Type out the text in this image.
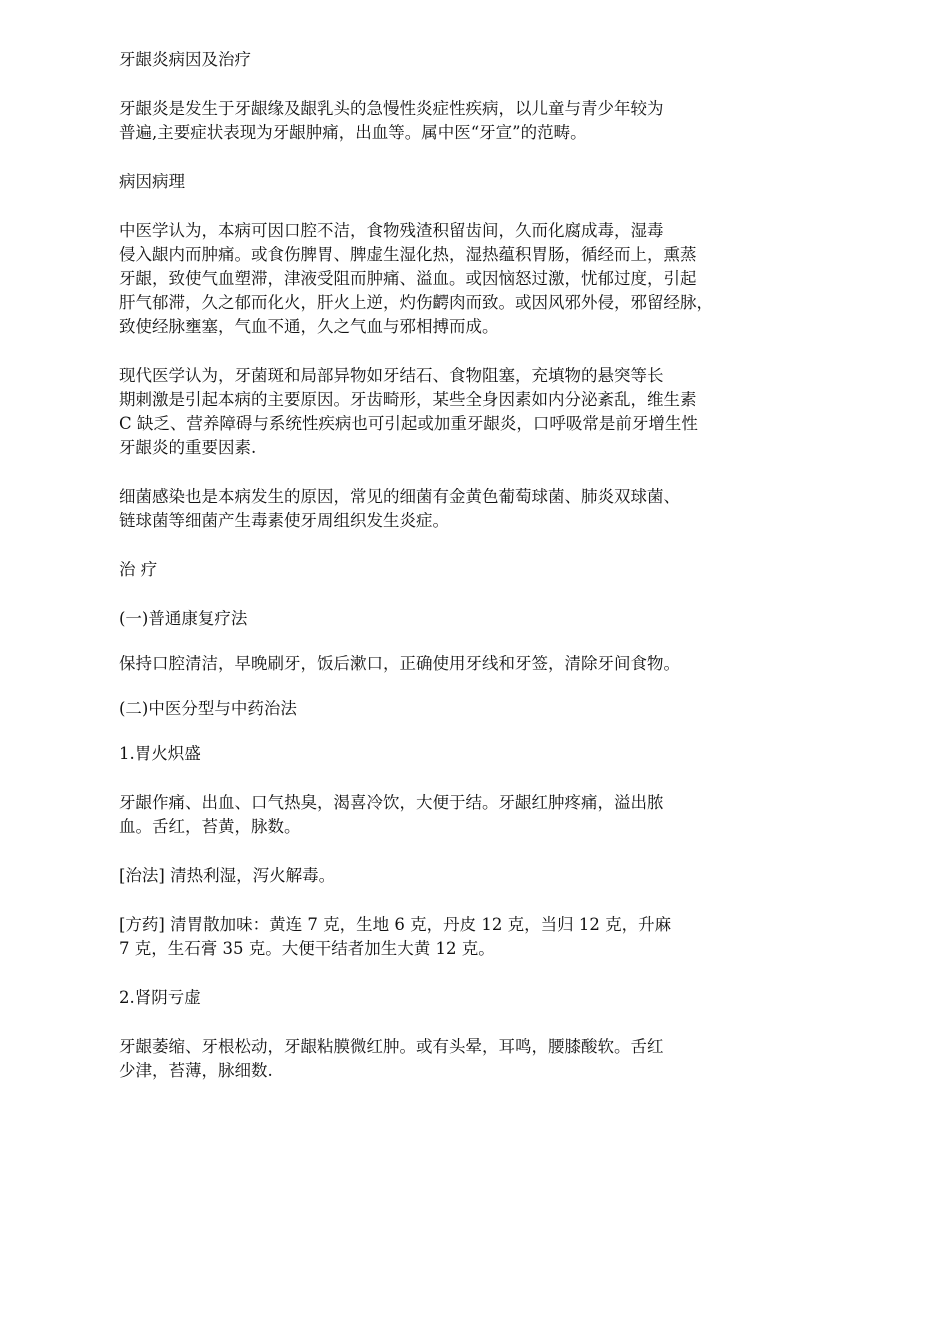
牙龈炎病因及治疗

牙龈炎是发生于牙龈缘及龈乳头的急慢性炎症性疾病，以儿童与青少年较为
普遍,主要症状表现为牙龈肿痛，出血等。属中医“牙宣”的范畴。

病因病理

中医学认为，本病可因口腔不洁，食物残渣积留齿间，久而化腐成毒，湿毒
侵入龈内而肿痛。或食伤脾胃、脾虚生湿化热，湿热蕴积胃肠，循经而上，熏蒸
牙龈，致使气血塑滞，津液受阻而肿痛、溢血。或因恼怒过激，忧郁过度，引起
肝气郁滞，久之郁而化火，肝火上逆，灼伤齶肉而致。或因风邪外侵，邪留经脉，
致使经脉壅塞，气血不通，久之气血与邪相搏而成。

现代医学认为，牙菌斑和局部异物如牙结石、食物阻塞，充填物的悬突等长
期刺激是引起本病的主要原因。牙齿畸形，某些全身因素如内分泌紊乱，维生素
C 缺乏、营养障碍与系统性疾病也可引起或加重牙龈炎，口呼吸常是前牙增生性
牙龈炎的重要因素.

细菌感染也是本病发生的原因，常见的细菌有金黄色葡萄球菌、肺炎双球菌、
链球菌等细菌产生毒素使牙周组织发生炎症。

治 疗

(一)普通康复疗法

保持口腔清洁，早晚刷牙，饭后漱口，正确使用牙线和牙签，清除牙间食物。

(二)中医分型与中药治法

1.胃火炽盛

牙龈作痛、出血、口气热臭，渴喜冷饮，大便于结。牙龈红肿疼痛，溢出脓
血。舌红，苔黄，脉数。

[治法] 清热利湿，泻火解毒。

[方药] 清胃散加味：黄连 7 克，生地 6 克，丹皮 12 克，当归 12 克，升麻
7 克，生石膏 35 克。大便干结者加生大黄 12 克。

2.肾阴亏虚

牙龈萎缩、牙根松动，牙龈粘膜微红肿。或有头晕，耳鸣，腰膝酸软。舌红
少津，苔薄，脉细数.
